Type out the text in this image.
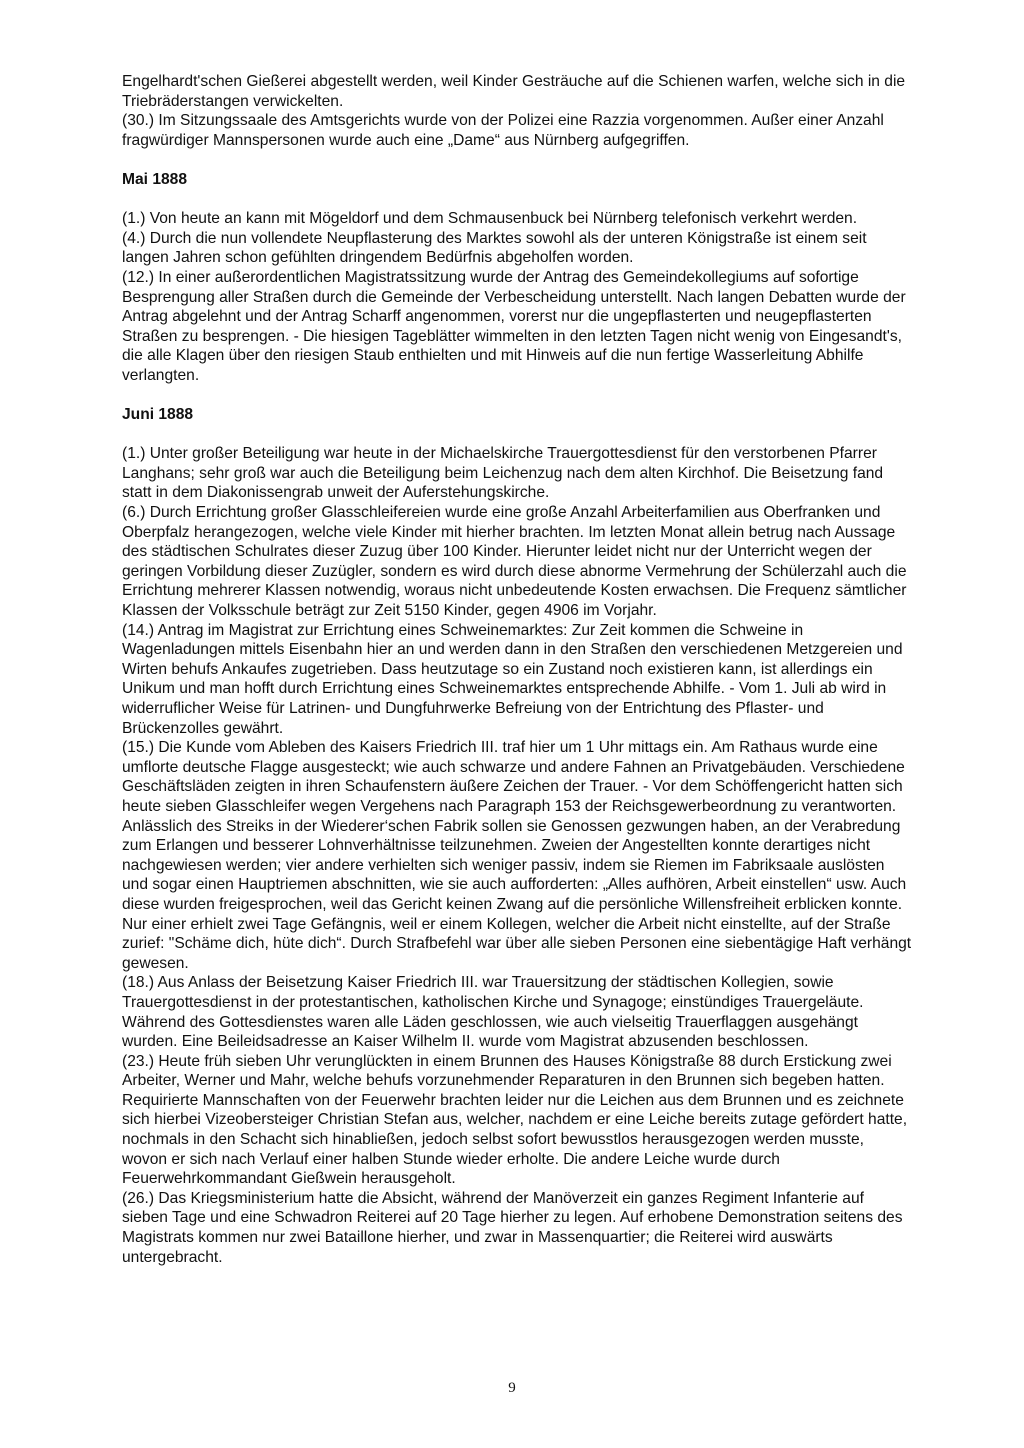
Engelhardt'schen Gießerei abgestellt werden, weil Kinder Gesträuche auf die Schienen warfen, welche sich in die Triebräderstangen verwickelten.

(30.) Im Sitzungssaale des Amtsgerichts wurde von der Polizei eine Razzia vorgenommen. Außer einer Anzahl fragwürdiger Mannspersonen wurde auch eine „Dame“ aus Nürnberg aufgegriffen.

Mai 1888

(1.) Von heute an kann mit Mögeldorf und dem Schmausenbuck bei Nürnberg telefonisch verkehrt werden.

(4.) Durch die nun vollendete Neupflasterung des Marktes sowohl als der unteren Königstraße ist einem seit langen Jahren schon gefühlten dringendem Bedürfnis abgeholfen worden.

(12.) In einer außerordentlichen Magistratssitzung wurde der Antrag des Gemeindekollegiums auf sofortige Besprengung aller Straßen durch die Gemeinde der Verbescheidung unterstellt. Nach langen Debatten wurde der Antrag abgelehnt und der Antrag Scharff angenommen, vorerst nur die ungepflasterten und neugepflasterten Straßen zu besprengen. - Die hiesigen Tageblätter wimmelten in den letzten Tagen nicht wenig von Eingesandt's, die alle Klagen über den riesigen Staub enthielten und mit Hinweis auf die nun fertige Wasserleitung Abhilfe verlangten.

Juni 1888

(1.) Unter großer Beteiligung war heute in der Michaelskirche Trauergottesdienst für den verstorbenen Pfarrer Langhans; sehr groß war auch die Beteiligung beim Leichenzug nach dem alten Kirchhof. Die Beisetzung fand statt in dem Diakonissengrab unweit der Auferstehungskirche.

(6.) Durch Errichtung großer Glasschleifereien wurde eine große Anzahl Arbeiterfamilien aus Oberfranken und Oberpfalz herangezogen, welche viele Kinder mit hierher brachten. Im letzten Monat allein betrug nach Aussage des städtischen Schulrates dieser Zuzug über 100 Kinder. Hierunter leidet nicht nur der Unterricht wegen der geringen Vorbildung dieser Zuzügler, sondern es wird durch diese abnorme Vermehrung der Schülerzahl auch die Errichtung mehrerer Klassen notwendig, woraus nicht unbedeutende Kosten erwachsen. Die Frequenz sämtlicher Klassen der Volksschule beträgt zur Zeit 5150 Kinder, gegen 4906 im Vorjahr.

(14.) Antrag im Magistrat zur Errichtung eines Schweinemarktes: Zur Zeit kommen die Schweine in Wagenladungen mittels Eisenbahn hier an und werden dann in den Straßen den verschiedenen Metzgereien und Wirten behufs Ankaufes zugetrieben. Dass heutzutage so ein Zustand noch existieren kann, ist allerdings ein Unikum und man hofft durch Errichtung eines Schweinemarktes entsprechende Abhilfe. - Vom 1. Juli ab wird in widerruflicher Weise für Latrinen- und Dungfuhrwerke Befreiung von der Entrichtung des Pflaster- und Brückenzolles gewährt.

(15.) Die Kunde vom Ableben des Kaisers Friedrich III. traf hier um 1 Uhr mittags ein. Am Rathaus wurde eine umflorte deutsche Flagge ausgesteckt; wie auch schwarze und andere Fahnen an Privatgebäuden. Verschiedene Geschäftsläden zeigten in ihren Schaufenstern äußere Zeichen der Trauer. - Vor dem Schöffengericht hatten sich heute sieben Glasschleifer wegen Vergehens nach Paragraph 153 der Reichsgewerbeordnung zu verantworten. Anlässlich des Streiks in der Wiederer‘schen Fabrik sollen sie Genossen gezwungen haben, an der Verabredung zum Erlangen und besserer Lohnverhältnisse teilzunehmen. Zweien der Angestellten konnte derartiges nicht nachgewiesen werden; vier andere verhielten sich weniger passiv, indem sie Riemen im Fabriksaale auslösten und sogar einen Hauptriemen abschnitten, wie sie auch aufforderten: „Alles aufhören, Arbeit einstellen“ usw. Auch diese wurden freigesprochen, weil das Gericht keinen Zwang auf die persönliche Willensfreiheit erblicken konnte. Nur einer erhielt zwei Tage Gefängnis, weil er einem Kollegen, welcher die Arbeit nicht einstellte, auf der Straße zurief: "Schäme dich, hüte dich“. Durch Strafbefehl war über alle sieben Personen eine siebentägige Haft verhängt gewesen.

(18.) Aus Anlass der Beisetzung Kaiser Friedrich III. war Trauersitzung der städtischen Kollegien, sowie Trauergottesdienst in der protestantischen, katholischen Kirche und Synagoge; einstündiges Trauergeläute. Während des Gottesdienstes waren alle Läden geschlossen, wie auch vielseitig Trauerflaggen ausgehängt wurden. Eine Beileidsadresse an Kaiser Wilhelm II. wurde vom Magistrat abzusenden beschlossen.

(23.) Heute früh sieben Uhr verunglückten in einem Brunnen des Hauses Königstraße 88 durch Erstickung zwei Arbeiter, Werner und Mahr, welche behufs vorzunehmender Reparaturen in den Brunnen sich begeben hatten. Requirierte Mannschaften von der Feuerwehr brachten leider nur die Leichen aus dem Brunnen und es zeichnete sich hierbei Vizeobersteiger Christian Stefan aus, welcher, nachdem er eine Leiche bereits zutage gefördert hatte, nochmals in den Schacht sich hinabließen, jedoch selbst sofort bewusstlos herausgezogen werden musste, wovon er sich nach Verlauf einer halben Stunde wieder erholte. Die andere Leiche wurde durch Feuerwehrkommandant Gießwein herausgeholt.

(26.) Das Kriegsministerium hatte die Absicht, während der Manöverzeit ein ganzes Regiment Infanterie auf sieben Tage und eine Schwadron Reiterei auf 20 Tage hierher zu legen. Auf erhobene Demonstration seitens des Magistrats kommen nur zwei Bataillone hierher, und zwar in Massenquartier; die Reiterei wird auswärts untergebracht.

9
